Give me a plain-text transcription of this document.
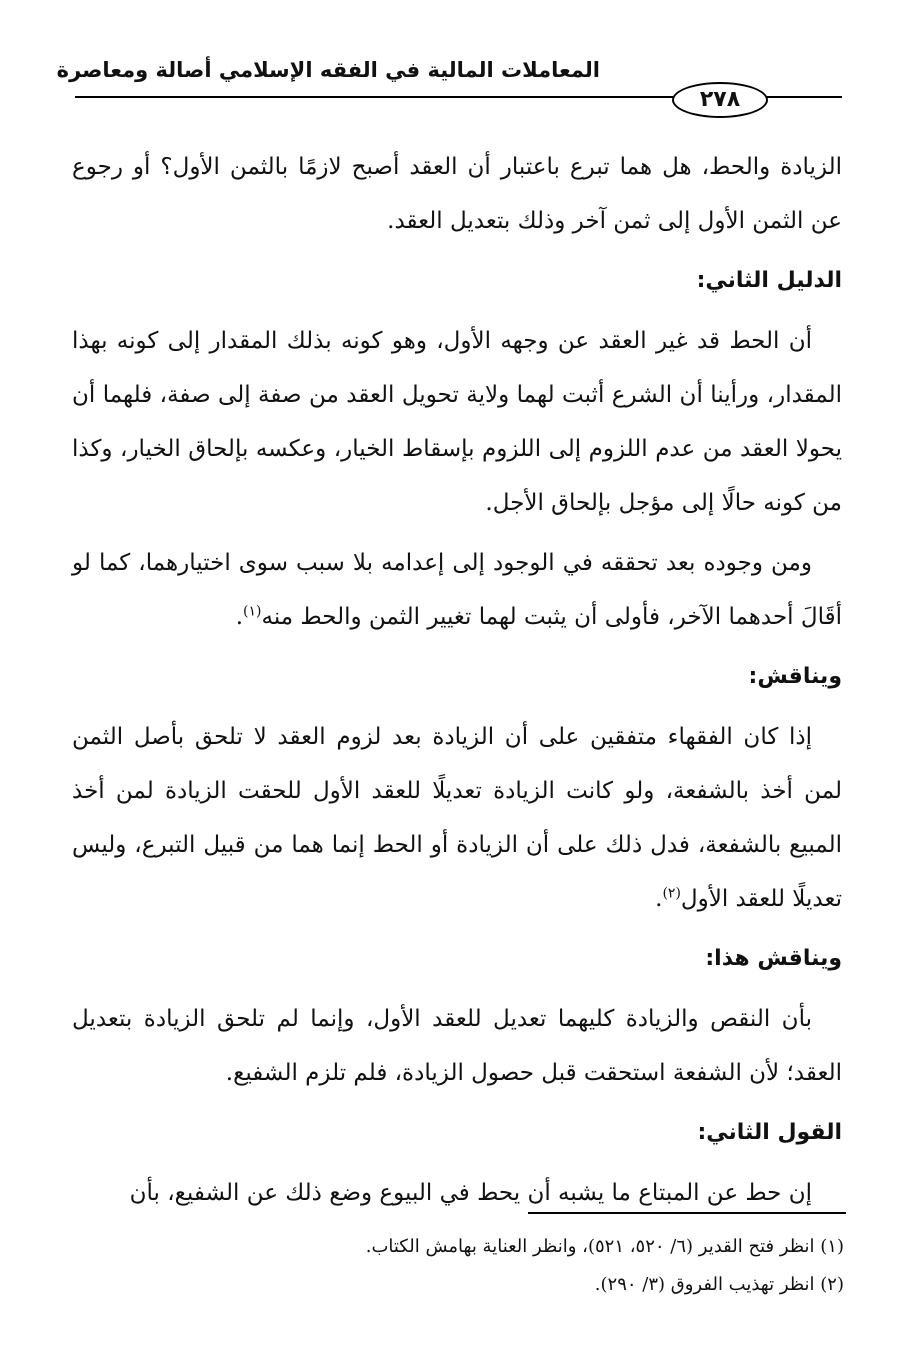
المعاملات المالية في الفقه الإسلامي أصالة ومعاصرة
٢٧٨

الزيادة والحط، هل هما تبرع باعتبار أن العقد أصبح لازمًا بالثمن الأول؟ أو رجوع عن الثمن الأول إلى ثمن آخر وذلك بتعديل العقد.

الدليل الثاني:

أن الحط قد غير العقد عن وجهه الأول، وهو كونه بذلك المقدار إلى كونه بهذا المقدار، ورأينا أن الشرع أثبت لهما ولاية تحويل العقد من صفة إلى صفة، فلهما أن يحولا العقد من عدم اللزوم إلى اللزوم بإسقاط الخيار، وعكسه بإلحاق الخيار، وكذا من كونه حالًا إلى مؤجل بإلحاق الأجل.

ومن وجوده بعد تحققه في الوجود إلى إعدامه بلا سبب سوى اختيارهما، كما لو أقَالَ أحدهما الآخر، فأولى أن يثبت لهما تغيير الثمن والحط منه$^{(١)}$.

ويناقش:

إذا كان الفقهاء متفقين على أن الزيادة بعد لزوم العقد لا تلحق بأصل الثمن لمن أخذ بالشفعة، ولو كانت الزيادة تعديلًا للعقد الأول للحقت الزيادة لمن أخذ المبيع بالشفعة، فدل ذلك على أن الزيادة أو الحط إنما هما من قبيل التبرع، وليس تعديلًا للعقد الأول$^{(٢)}$.

ويناقش هذا:

بأن النقص والزيادة كليهما تعديل للعقد الأول، وإنما لم تلحق الزيادة بتعديل العقد؛ لأن الشفعة استحقت قبل حصول الزيادة، فلم تلزم الشفيع.

القول الثاني:

إن حط عن المبتاع ما يشبه أن يحط في البيوع وضع ذلك عن الشفيع، بأن

(١) انظر فتح القدير (٦/ ٥٢٠، ٥٢١)، وانظر العناية بهامش الكتاب.

(٢) انظر تهذيب الفروق (٣/ ٢٩٠).
